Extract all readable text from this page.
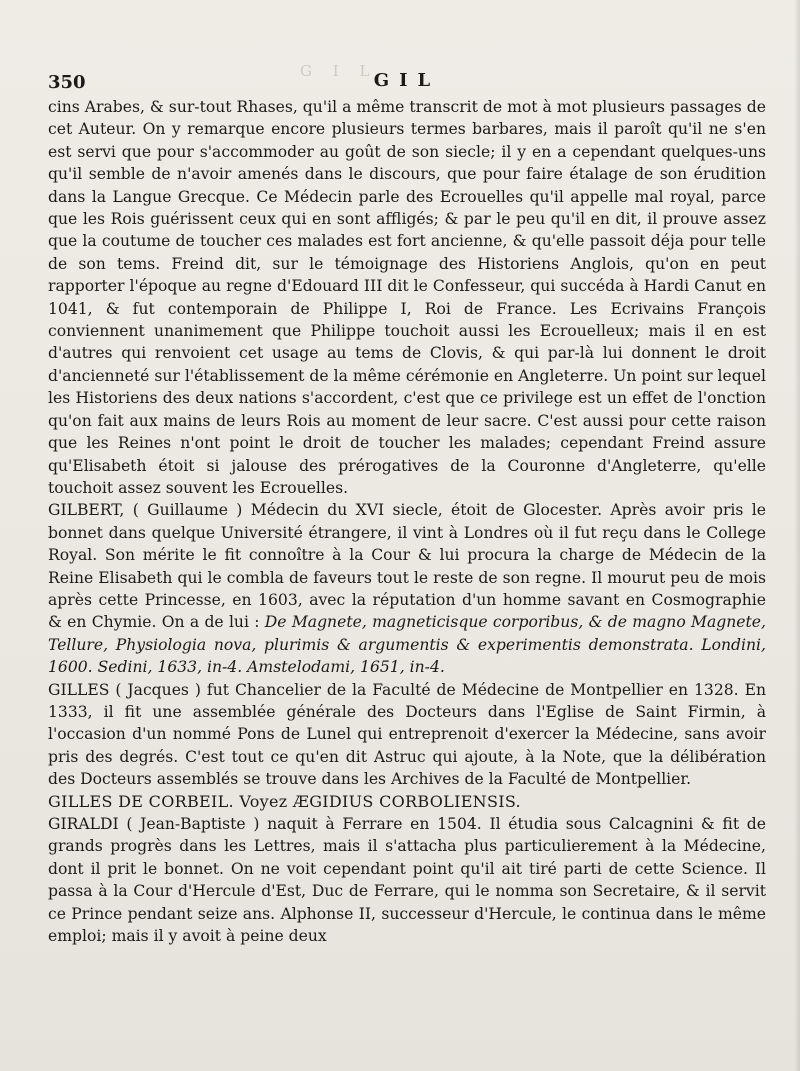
G I L
350	GIL

cins Arabes, & sur-tout Rhases, qu'il a même transcrit de mot à mot plusieurs passages de cet Auteur. On y remarque encore plusieurs termes barbares, mais il paroît qu'il ne s'en est servi que pour s'accommoder au goût de son siecle; il y en a cependant quelques-uns qu'il semble de n'avoir amenés dans le discours, que pour faire étalage de son érudition dans la Langue Grecque. Ce Médecin parle des Ecrouelles qu'il appelle mal royal, parce que les Rois guérissent ceux qui en sont affligés; & par le peu qu'il en dit, il prouve assez que la coutume de toucher ces malades est fort ancienne, & qu'elle passoit déja pour telle de son tems. Freind dit, sur le témoignage des Historiens Anglois, qu'on en peut rapporter l'époque au regne d'Edouard III dit le Confesseur, qui succéda à Hardi Canut en 1041, & fut contemporain de Philippe I, Roi de France. Les Ecrivains François conviennent unanimement que Philippe touchoit aussi les Ecrouelleux; mais il en est d'autres qui renvoient cet usage au tems de Clovis, & qui par-là lui donnent le droit d'ancienneté sur l'établissement de la même cérémonie en Angleterre. Un point sur lequel les Historiens des deux nations s'accordent, c'est que ce privilege est un effet de l'onction qu'on fait aux mains de leurs Rois au moment de leur sacre. C'est aussi pour cette raison que les Reines n'ont point le droit de toucher les malades; cependant Freind assure qu'Elisabeth étoit si jalouse des prérogatives de la Couronne d'Angleterre, qu'elle touchoit assez souvent les Ecrouelles.

GILBERT, ( Guillaume ) Médecin du XVI siecle, étoit de Glocester. Après avoir pris le bonnet dans quelque Université étrangere, il vint à Londres où il fut reçu dans le College Royal. Son mérite le fit connoître à la Cour & lui procura la charge de Médecin de la Reine Elisabeth qui le combla de faveurs tout le reste de son regne. Il mourut peu de mois après cette Princesse, en 1603, avec la réputation d'un homme savant en Cosmographie & en Chymie. On a de lui : De Magnete, magneticisque corporibus, & de magno Magnete, Tellure, Physiologia nova, plurimis & argumentis & experimentis demonstrata. Londini, 1600. Sedini, 1633, in-4. Amstelodami, 1651, in-4.

GILLES ( Jacques ) fut Chancelier de la Faculté de Médecine de Montpellier en 1328. En 1333, il fit une assemblée générale des Docteurs dans l'Eglise de Saint Firmin, à l'occasion d'un nommé Pons de Lunel qui entreprenoit d'exercer la Médecine, sans avoir pris des degrés. C'est tout ce qu'en dit Astruc qui ajoute, à la Note, que la délibération des Docteurs assemblés se trouve dans les Archives de la Faculté de Montpellier.

GILLES DE CORBEIL. Voyez ÆGIDIUS CORBOLIENSIS.

GIRALDI ( Jean-Baptiste ) naquit à Ferrare en 1504. Il étudia sous Calcagnini & fit de grands progrès dans les Lettres, mais il s'attacha plus particulierement à la Médecine, dont il prit le bonnet. On ne voit cependant point qu'il ait tiré parti de cette Science. Il passa à la Cour d'Hercule d'Est, Duc de Ferrare, qui le nomma son Secretaire, & il servit ce Prince pendant seize ans. Alphonse II, successeur d'Hercule, le continua dans le même emploi; mais il y avoit à peine deux
